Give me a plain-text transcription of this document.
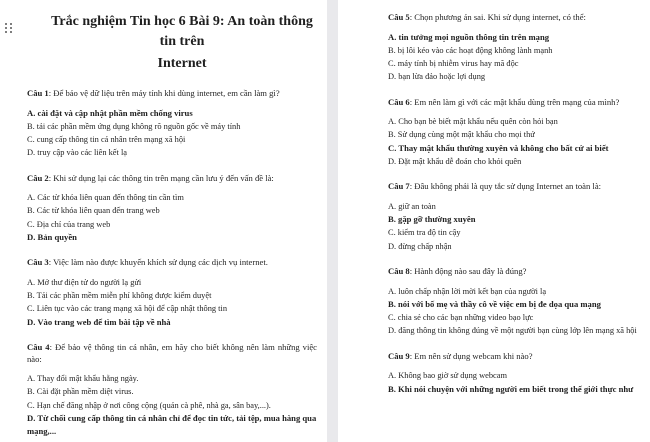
Trắc nghiệm Tin học 6 Bài 9: An toàn thông tin trên
Internet

Câu 1: Để bảo vệ dữ liệu trên máy tính khi dùng internet, em cần làm gì?

A. cài đặt và cập nhật phần mềm chống virus
B. tải các phần mềm ứng dụng không rõ nguồn gốc về máy tính
C. cung cấp thông tin cá nhân trên mạng xã hội
D. truy cập vào các liên kết lạ

Câu 2: Khi sử dụng lại các thông tin trên mạng cần lưu ý đến vấn đề là:

A. Các từ khóa liên quan đến thông tin cần tìm
B. Các từ khóa liên quan đến trang web
C. Địa chỉ của trang web
D. Bản quyền

Câu 3: Việc làm nào được khuyến khích sử dụng các dịch vụ internet.

A. Mở thư điện tử do người lạ gửi
B. Tải các phần mềm miễn phí không được kiểm duyệt
C. Liên tục vào các trang mạng xã hội để cập nhật thông tin
D. Vào trang web để tìm bài tập về nhà

Câu 4: Để bảo vệ thông tin cá nhân, em hãy cho biết không nên làm những việc nào:

A. Thay đổi mật khẩu hằng ngày.
B. Cài đặt phần mềm diệt virus.
C. Hạn chế đăng nhập ở nơi công cộng (quán cà phê, nhà ga, sân bay,...).
D. Từ chối cung cấp thông tin cá nhân chỉ để đọc tin tức, tải tệp, mua hàng qua mạng,...

Câu 5: Chọn phương án sai. Khi sử dụng internet, có thể:

A. tin tưởng mọi nguồn thông tin trên mạng
B. bị lôi kéo vào các hoạt động không lành mạnh
C. máy tính bị nhiễm virus hay mã độc
D. bạn lừa đảo hoặc lợi dụng

Câu 6: Em nên làm gì với các mật khẩu dùng trên mạng của mình?

A. Cho bạn bè biết mật khẩu nếu quên còn hỏi bạn
B. Sử dụng cùng một mật khẩu cho mọi thứ
C. Thay mật khẩu thường xuyên và không cho bất cứ ai biết
D. Đặt mật khẩu dễ đoán cho khỏi quên

Câu 7: Đâu không phải là quy tắc sử dụng Internet an toàn là:

A. giữ an toàn
B. gặp gỡ thường xuyên
C. kiểm tra độ tin cậy
D. đừng chấp nhận

Câu 8: Hành động nào sau đây là đúng?

A. luôn chấp nhận lời mời kết bạn của người lạ
B. nói với bố mẹ và thầy cô về việc em bị đe dọa qua mạng
C. chia sẻ cho các bạn những video bạo lực
D. đăng thông tin không đúng về một người bạn cùng lớp lên mạng xã hội

Câu 9: Em nên sử dụng webcam khi nào?

A. Không bao giờ sử dụng webcam
B. Khi nói chuyện với những người em biết trong thế giới thực như
